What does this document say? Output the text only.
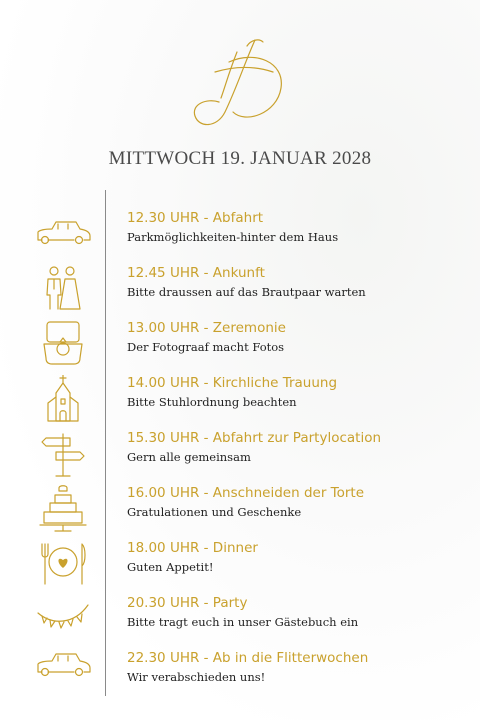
MITTWOCH 19. JANUAR 2028
12.30 UHR - Abfahrt
Parkmöglichkeiten-hinter dem Haus
12.45 UHR - Ankunft
Bitte draussen auf das Brautpaar warten
13.00 UHR - Zeremonie
Der Fotograaf macht Fotos
14.00 UHR - Kirchliche Trauung
Bitte Stuhlordnung beachten
15.30 UHR - Abfahrt zur Partylocation
Gern alle gemeinsam
16.00 UHR - Anschneiden der Torte
Gratulationen und Geschenke
18.00 UHR - Dinner
Guten Appetit!
20.30 UHR - Party
Bitte tragt euch in unser Gästebuch ein
22.30 UHR - Ab in die Flitterwochen
Wir verabschieden uns!
